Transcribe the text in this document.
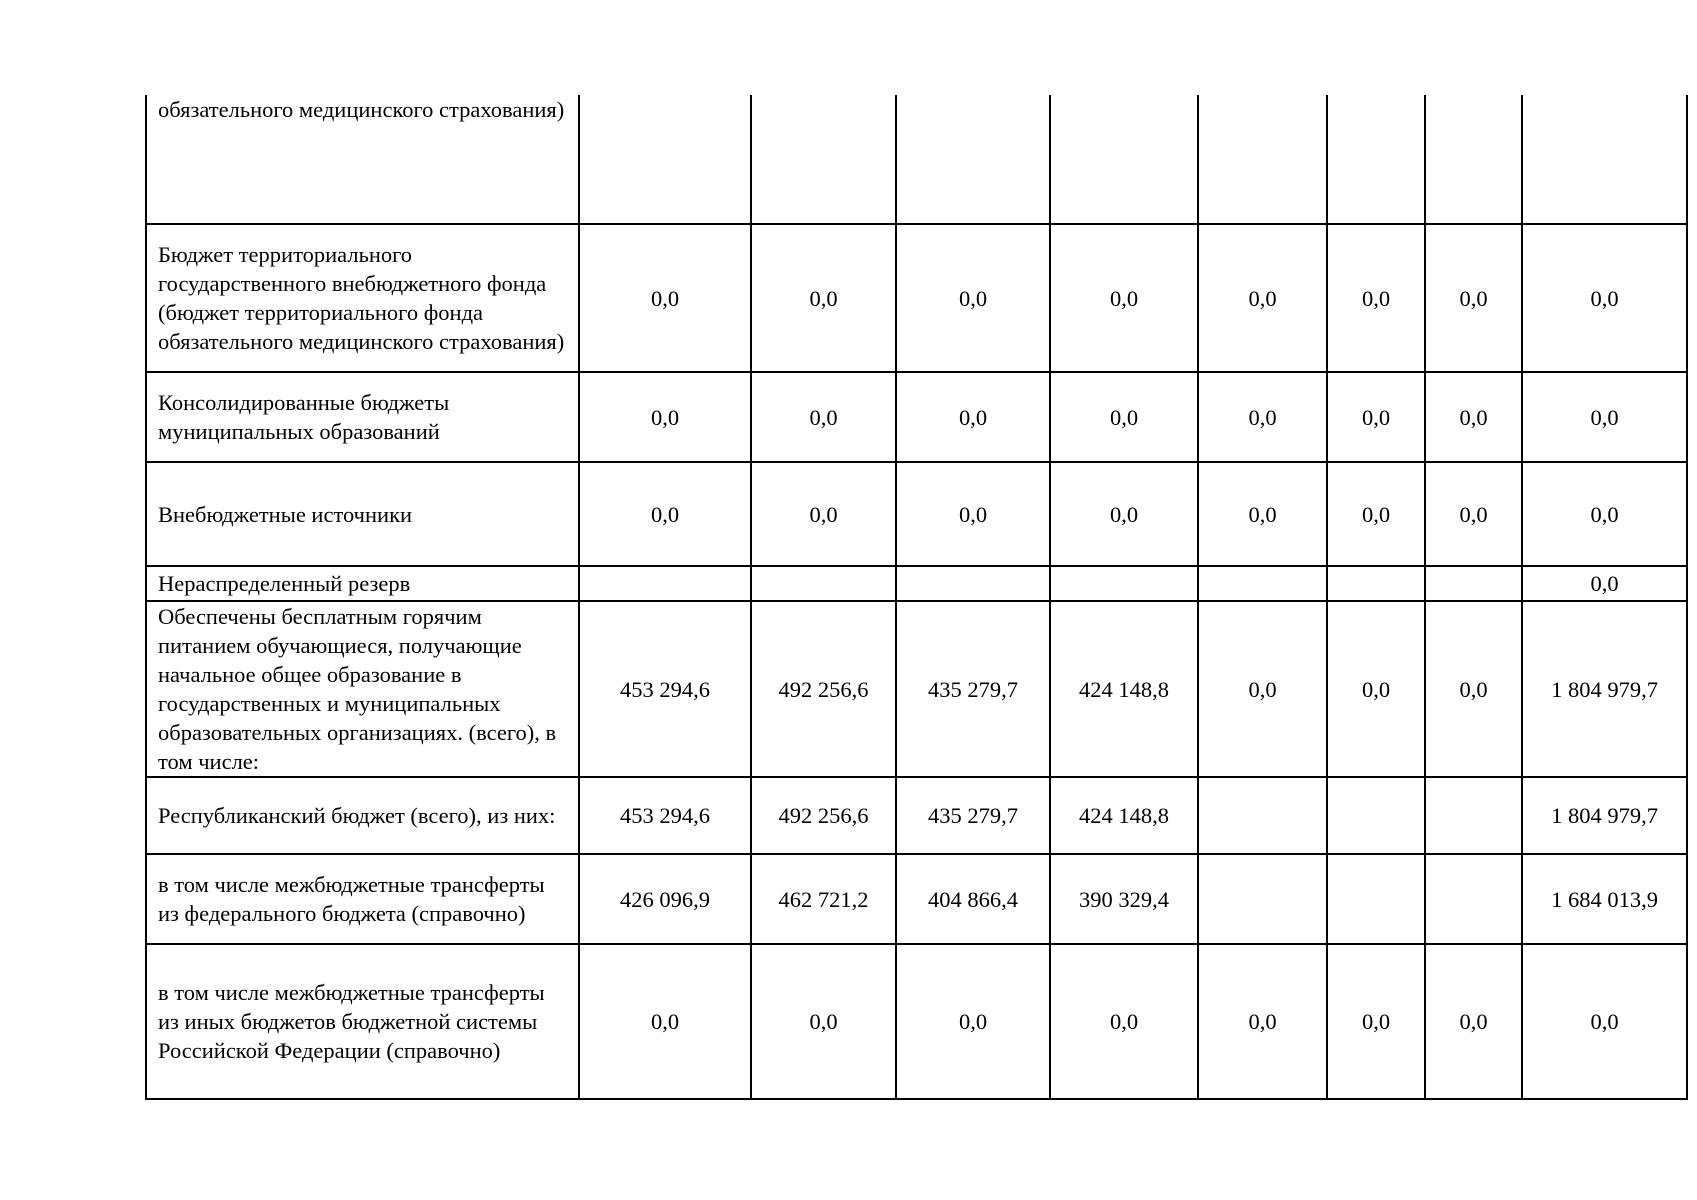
обязательного медицинского страхования)								
Бюджет территориального государственного внебюджетного фонда (бюджет территориального фонда обязательного медицинского страхования)	0,0	0,0	0,0	0,0	0,0	0,0	0,0	0,0
Консолидированные бюджеты муниципальных образований	0,0	0,0	0,0	0,0	0,0	0,0	0,0	0,0
Внебюджетные источники	0,0	0,0	0,0	0,0	0,0	0,0	0,0	0,0
Нераспределенный резерв								0,0
Обеспечены бесплатным горячим питанием обучающиеся, получающие начальное общее образование в государственных и муниципальных образовательных организациях. (всего), в том числе:	453 294,6	492 256,6	435 279,7	424 148,8	0,0	0,0	0,0	1 804 979,7
Республиканский бюджет (всего), из них:	453 294,6	492 256,6	435 279,7	424 148,8				1 804 979,7
в том числе межбюджетные трансферты из федерального бюджета (справочно)	426 096,9	462 721,2	404 866,4	390 329,4				1 684 013,9
в том числе межбюджетные трансферты из иных бюджетов бюджетной системы Российской Федерации (справочно)	0,0	0,0	0,0	0,0	0,0	0,0	0,0	0,0
